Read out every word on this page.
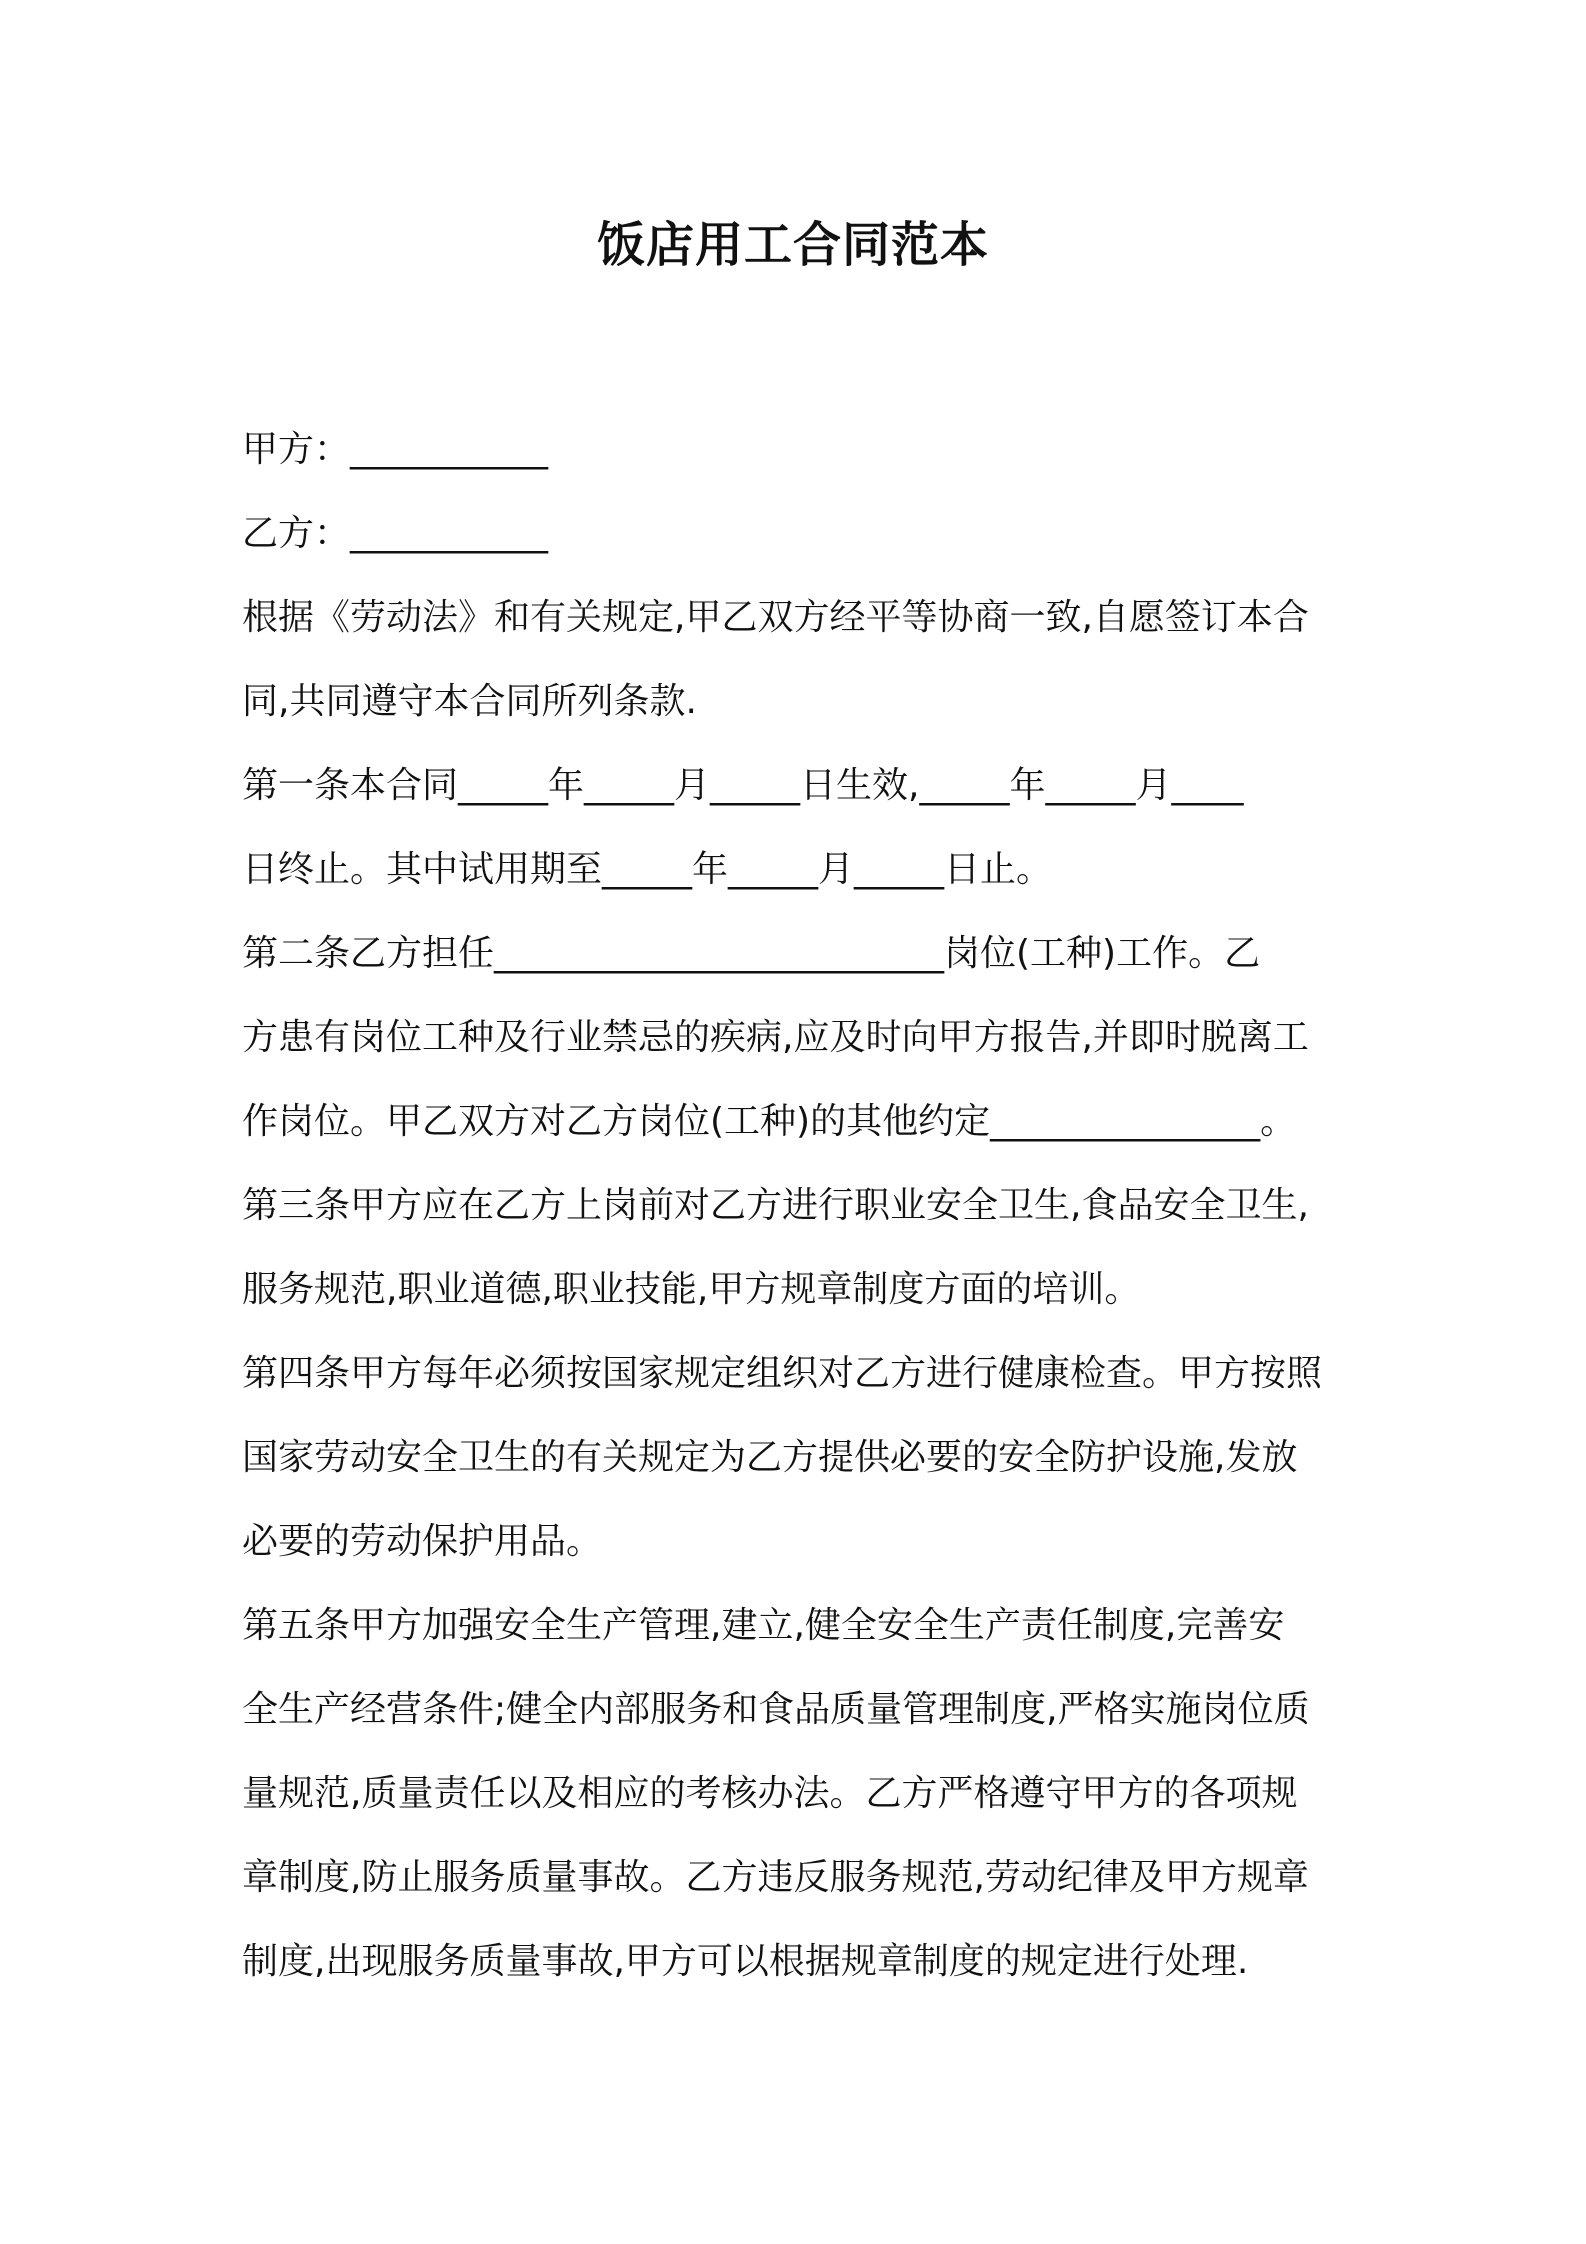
饭店用工合同范本
甲方：___________
乙方：___________
根据《劳动法》和有关规定,甲乙双方经平等协商一致,自愿签订本合
同,共同遵守本合同所列条款.
第一条本合同_____年_____月_____日生效,_____年_____月____
日终止。其中试用期至_____年_____月_____日止。
第二条乙方担任_________________________岗位(工种)工作。乙
方患有岗位工种及行业禁忌的疾病,应及时向甲方报告,并即时脱离工
作岗位。甲乙双方对乙方岗位(工种)的其他约定_______________。
第三条甲方应在乙方上岗前对乙方进行职业安全卫生,食品安全卫生,
服务规范,职业道德,职业技能,甲方规章制度方面的培训。
第四条甲方每年必须按国家规定组织对乙方进行健康检查。甲方按照
国家劳动安全卫生的有关规定为乙方提供必要的安全防护设施,发放
必要的劳动保护用品。
第五条甲方加强安全生产管理,建立,健全安全生产责任制度,完善安
全生产经营条件;健全内部服务和食品质量管理制度,严格实施岗位质
量规范,质量责任以及相应的考核办法。乙方严格遵守甲方的各项规
章制度,防止服务质量事故。乙方违反服务规范,劳动纪律及甲方规章
制度,出现服务质量事故,甲方可以根据规章制度的规定进行处理.
